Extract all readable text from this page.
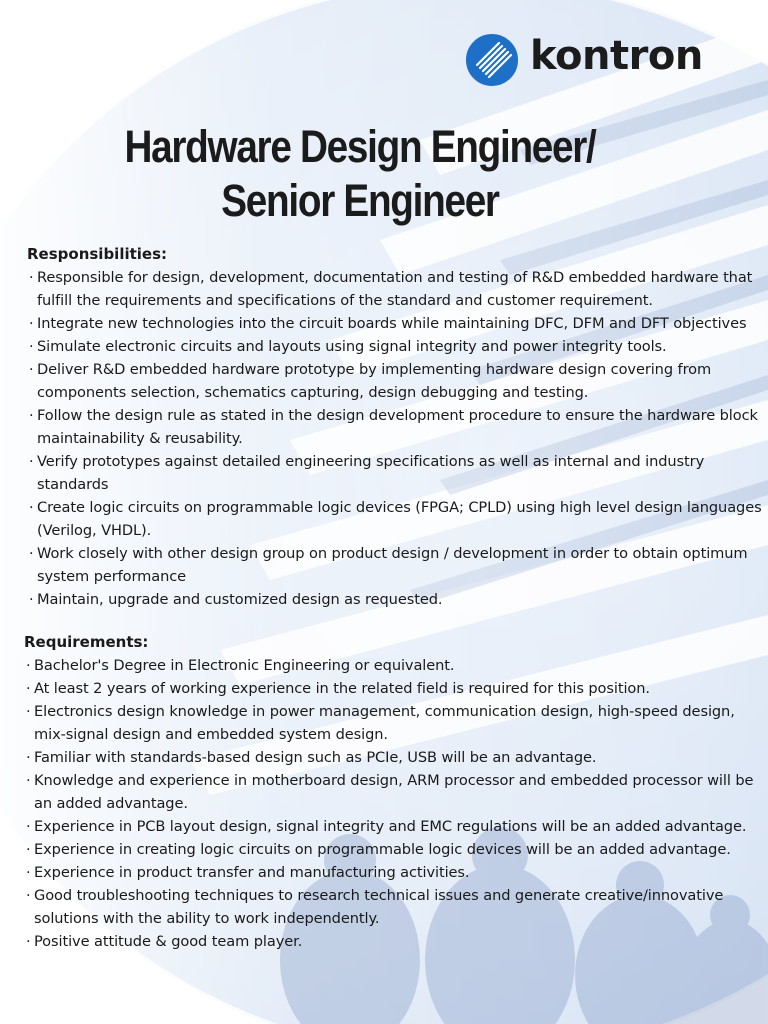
kontron
Hardware Design Engineer/
Senior Engineer
Responsibilities:
· Responsible for design, development, documentation and testing of R&D embedded hardware that fulfill the requirements and specifications of the standard and customer requirement.
· Integrate new technologies into the circuit boards while maintaining DFC, DFM and DFT objectives
· Simulate electronic circuits and layouts using signal integrity and power integrity tools.
· Deliver R&D embedded hardware prototype by implementing hardware design covering from components selection, schematics capturing, design debugging and testing.
· Follow the design rule as stated in the design development procedure to ensure the hardware block maintainability & reusability.
· Verify prototypes against detailed engineering specifications as well as internal and industry standards
· Create logic circuits on programmable logic devices (FPGA; CPLD) using high level design languages (Verilog, VHDL).
· Work closely with other design group on product design / development in order to obtain optimum system performance
· Maintain, upgrade and customized design as requested.
Requirements:
· Bachelor's Degree in Electronic Engineering or equivalent.
· At least 2 years of working experience in the related field is required for this position.
· Electronics design knowledge in power management, communication design, high-speed design, mix-signal design and embedded system design.
· Familiar with standards-based design such as PCIe, USB will be an advantage.
· Knowledge and experience in motherboard design, ARM processor and embedded processor will be an added advantage.
· Experience in PCB layout design, signal integrity and EMC regulations will be an added advantage.
· Experience in creating logic circuits on programmable logic devices will be an added advantage.
· Experience in product transfer and manufacturing activities.
· Good troubleshooting techniques to research technical issues and generate creative/innovative solutions with the ability to work independently.
· Positive attitude & good team player.
